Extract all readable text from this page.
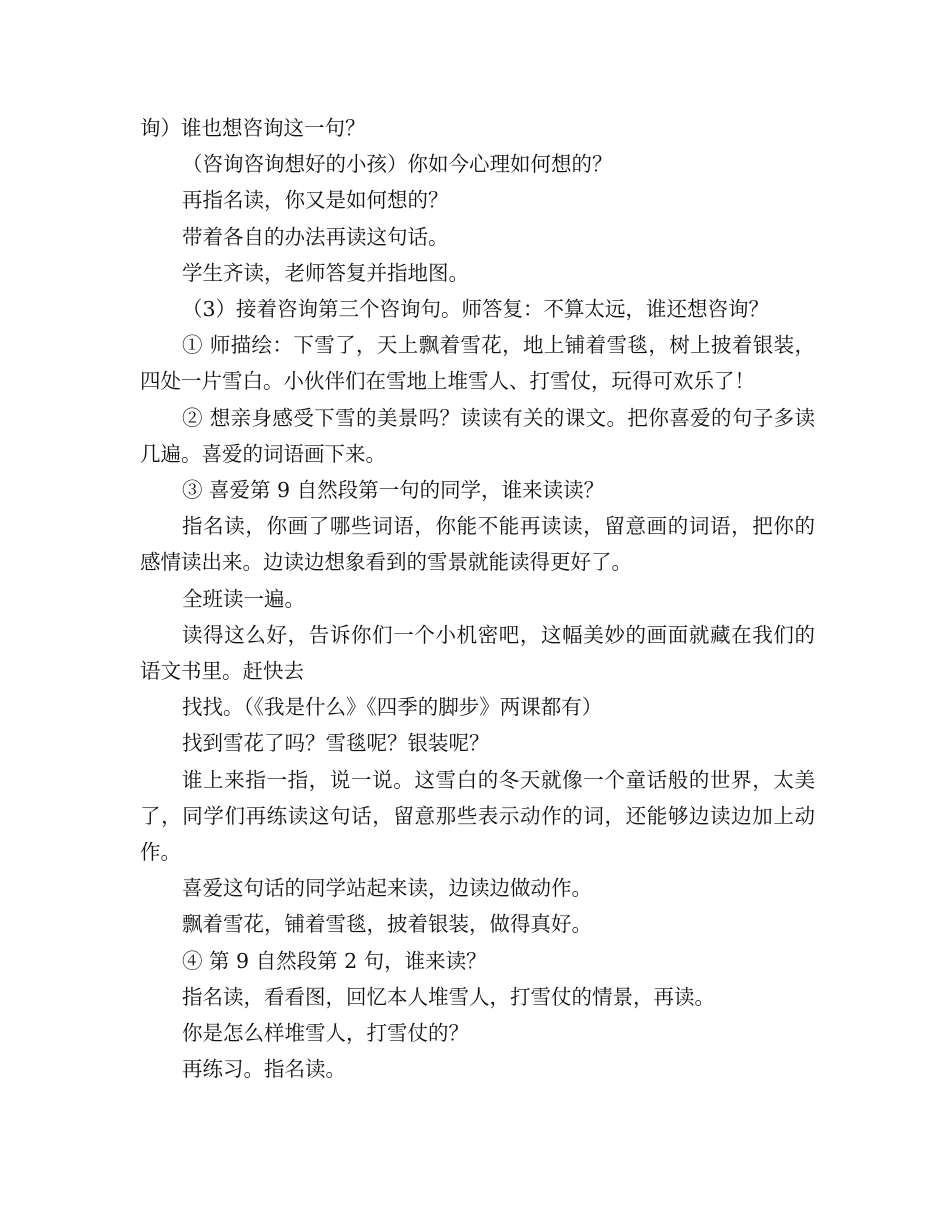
询）谁也想咨询这一句？

（咨询咨询想好的小孩）你如今心理如何想的？

再指名读，你又是如何想的？

带着各自的办法再读这句话。

学生齐读，老师答复并指地图。

（3）接着咨询第三个咨询句。师答复：不算太远，谁还想咨询？

① 师描绘：下雪了，天上飘着雪花，地上铺着雪毯，树上披着银装，四处一片雪白。小伙伴们在雪地上堆雪人、打雪仗，玩得可欢乐了！

② 想亲身感受下雪的美景吗？读读有关的课文。把你喜爱的句子多读几遍。喜爱的词语画下来。

③ 喜爱第 9 自然段第一句的同学，谁来读读？

指名读，你画了哪些词语，你能不能再读读，留意画的词语，把你的感情读出来。边读边想象看到的雪景就能读得更好了。

全班读一遍。

读得这么好，告诉你们一个小机密吧，这幅美妙的画面就藏在我们的语文书里。赶快去

找找。（《我是什么》《四季的脚步》两课都有）

找到雪花了吗？雪毯呢？银装呢？

谁上来指一指，说一说。这雪白的冬天就像一个童话般的世界，太美了，同学们再练读这句话，留意那些表示动作的词，还能够边读边加上动作。

喜爱这句话的同学站起来读，边读边做动作。

飘着雪花，铺着雪毯，披着银装，做得真好。

④ 第 9 自然段第 2 句，谁来读？

指名读，看看图，回忆本人堆雪人，打雪仗的情景，再读。

你是怎么样堆雪人，打雪仗的？

再练习。指名读。
